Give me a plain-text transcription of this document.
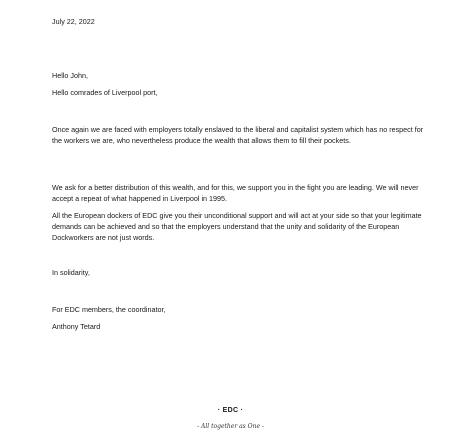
July 22, 2022
Hello John,
Hello comrades of Liverpool port,
Once again we are faced with employers totally enslaved to the liberal and capitalist system which has no respect for the workers we are, who nevertheless produce the wealth that allows them to fill their pockets.
We ask for a better distribution of this wealth, and for this, we support you in the fight you are leading. We will never accept a repeat of what happened in Liverpool in 1995.
All the European dockers of EDC give you their unconditional support and will act at your side so that your legitimate demands can be achieved and so that the employers understand that the unity and solidarity of the European Dockworkers are not just words.
In solidarity,
For EDC members, the coordinator,
Anthony Tetard
· EDC ·
- All together as One -
